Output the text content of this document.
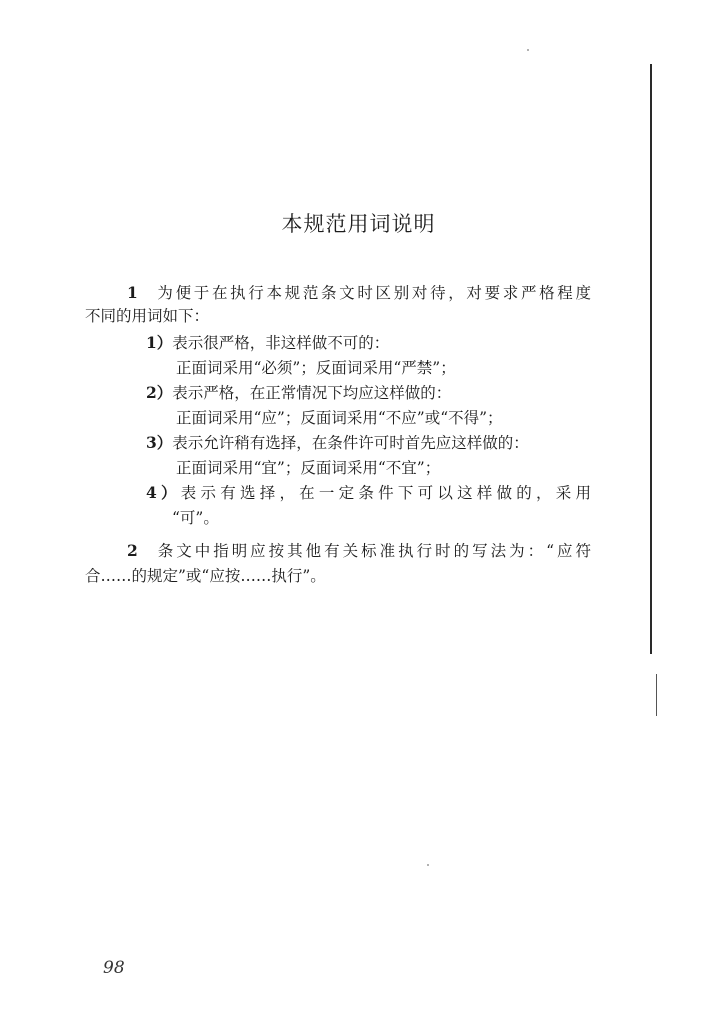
本规范用词说明
1 为便于在执行本规范条文时区别对待，对要求严格程度
不同的用词如下：
1）表示很严格，非这样做不可的：
正面词采用“必须”；反面词采用“严禁”；
2）表示严格，在正常情况下均应这样做的：
正面词采用“应”；反面词采用“不应”或“不得”；
3）表示允许稍有选择，在条件许可时首先应这样做的：
正面词采用“宜”；反面词采用“不宜”；
4）表示有选择，在一定条件下可以这样做的，采用
“可”。
2 条文中指明应按其他有关标准执行时的写法为：“应符
合……的规定”或“应按……执行”。
98
